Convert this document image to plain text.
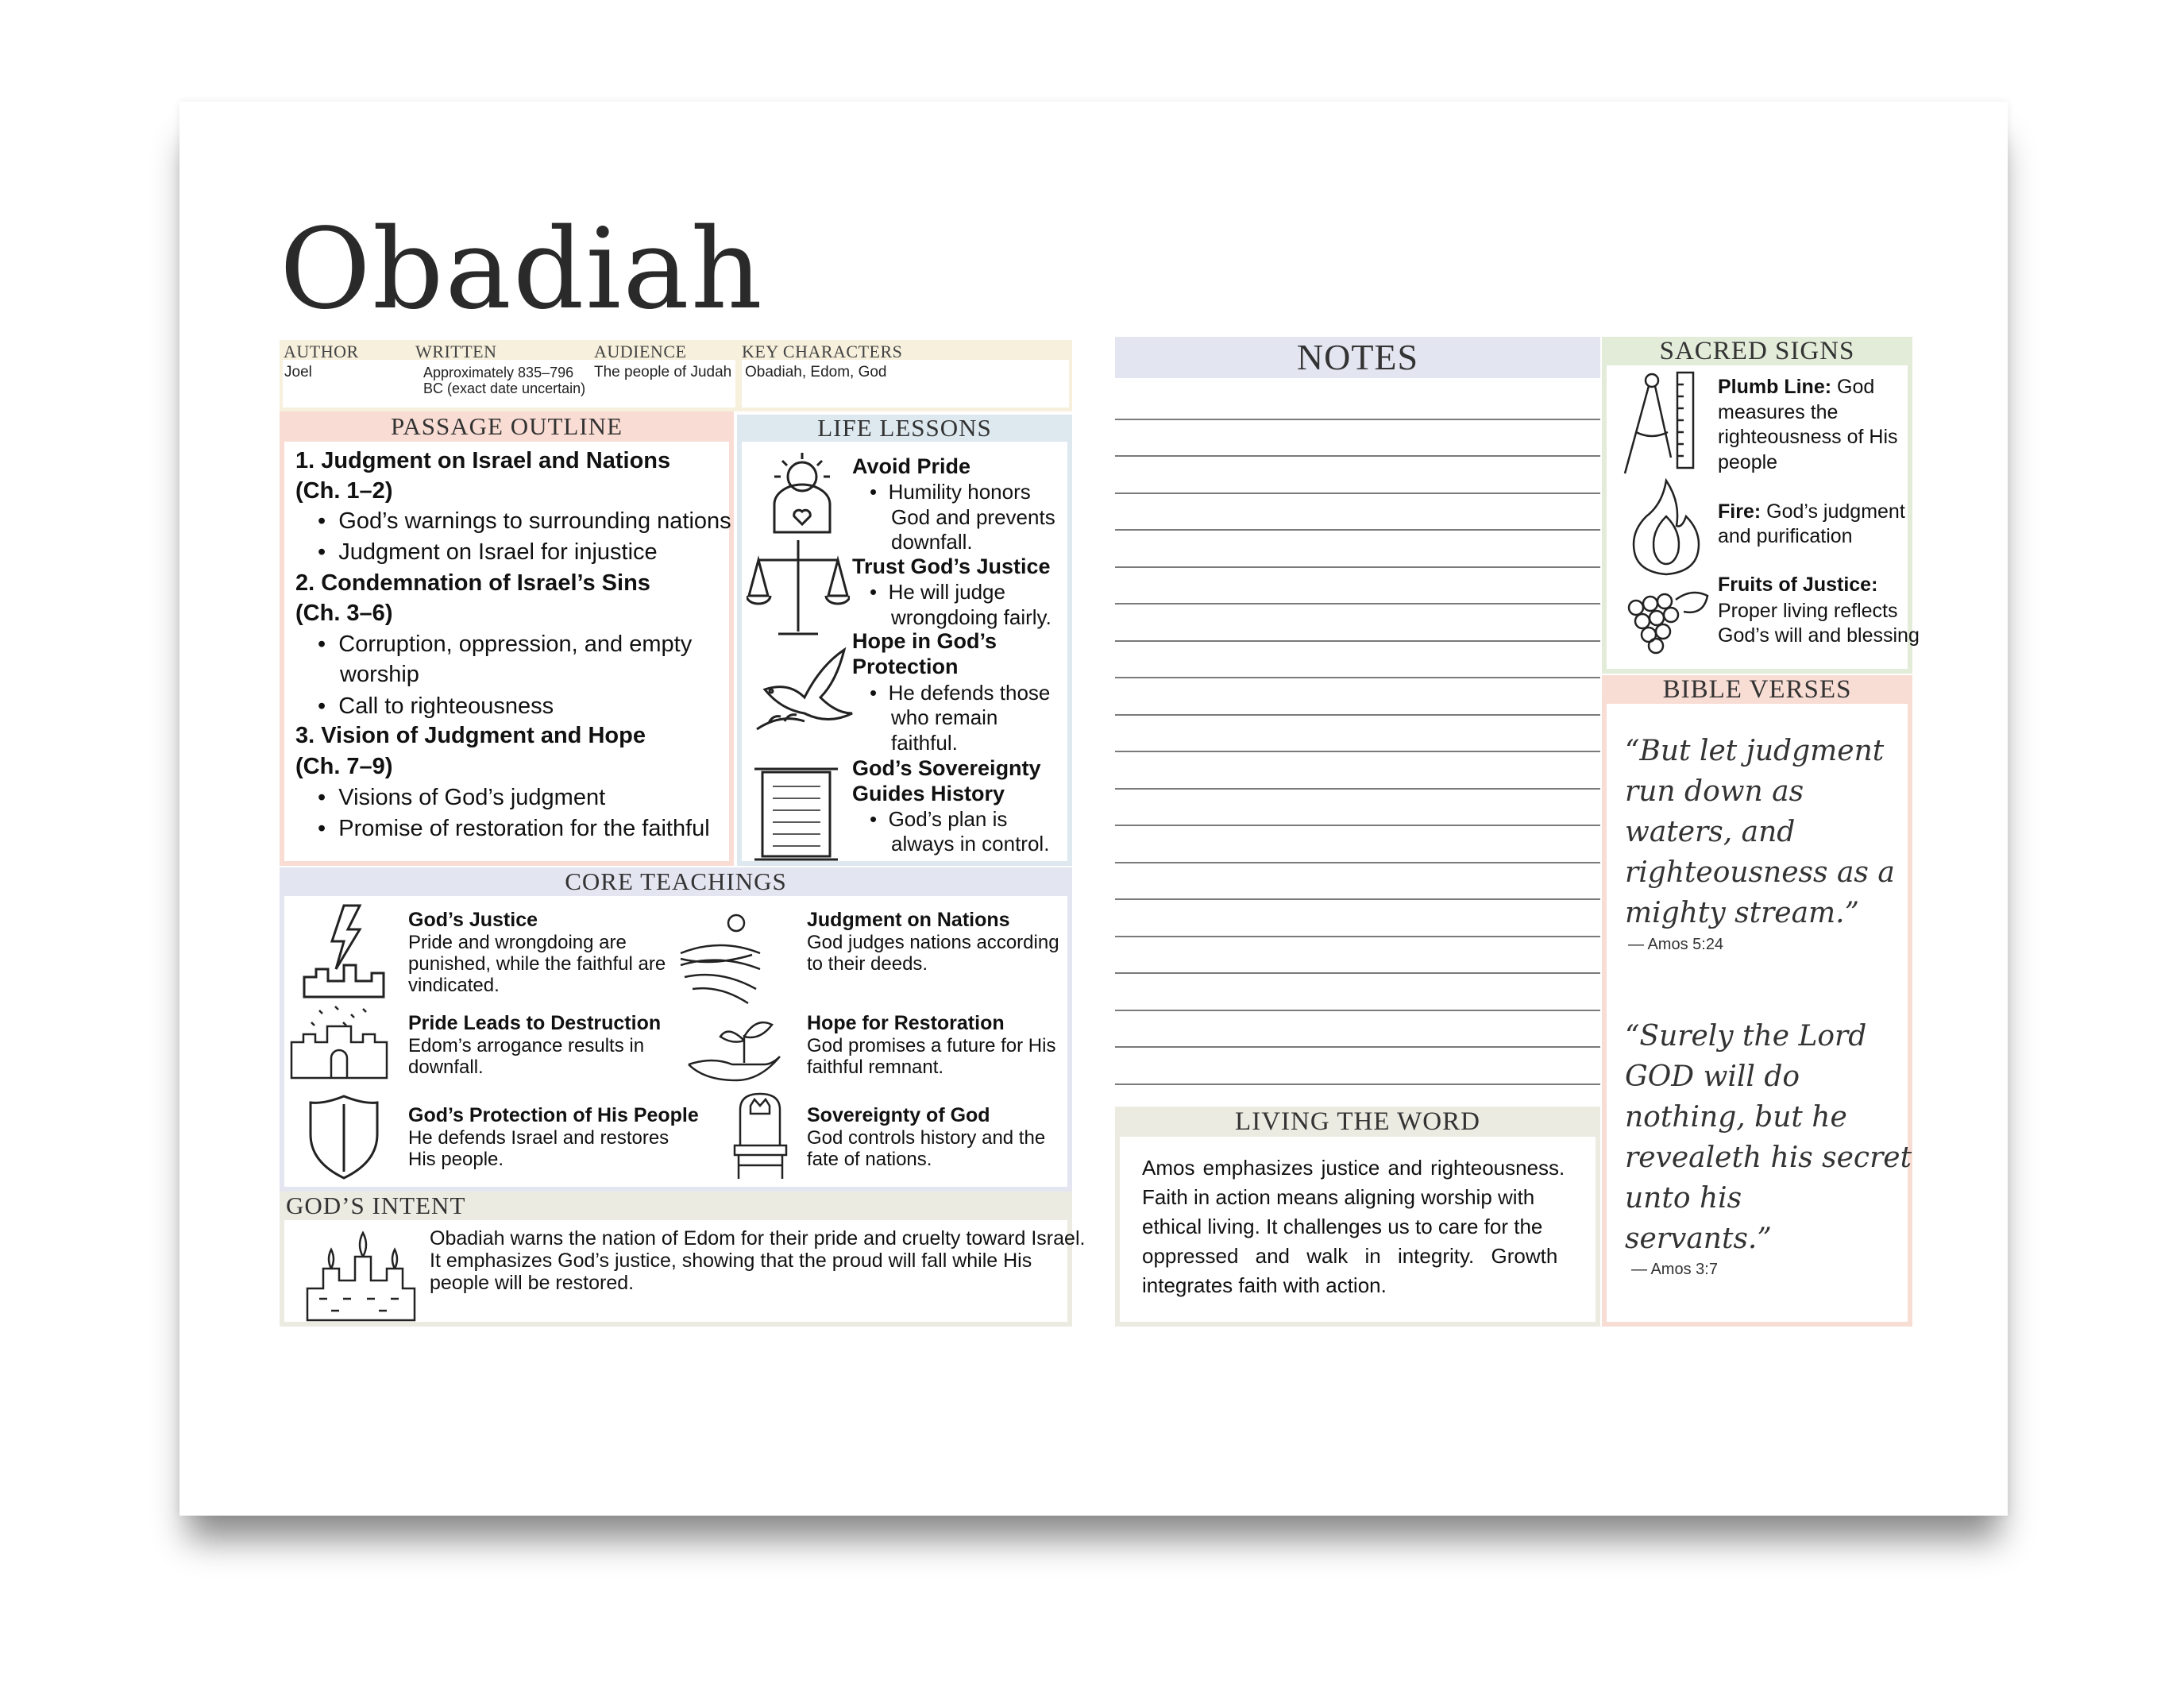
Obadiah
AUTHOR
Joel
WRITTEN
Approximately 835–796
BC (exact date uncertain)
AUDIENCE
The people of Judah
KEY CHARACTERS
Obadiah, Edom, God
PASSAGE OUTLINE
1. Judgment on Israel and Nations
(Ch. 1–2)
•  God’s warnings to surrounding nations
•  Judgment on Israel for injustice
2. Condemnation of Israel’s Sins
(Ch. 3–6)
•  Corruption, oppression, and empty
worship
•  Call to righteousness
3. Vision of Judgment and Hope
(Ch. 7–9)
•  Visions of God’s judgment
•  Promise of restoration for the faithful
LIFE LESSONS
Avoid Pride
•  Humility honors
God and prevents
downfall.
Trust God’s Justice
•  He will judge
wrongdoing fairly.
Hope in God’s
Protection
•  He defends those
who remain
faithful.
God’s Sovereignty
Guides History
•  God’s plan is
always in control.
CORE TEACHINGS
God’s Justice
Pride and wrongdoing are
punished, while the faithful are
vindicated.
Judgment on Nations
God judges nations according
to their deeds.
Pride Leads to Destruction
Edom’s arrogance results in
downfall.
Hope for Restoration
God promises a future for His
faithful remnant.
God’s Protection of His People
He defends Israel and restores
His people.
Sovereignty of God
God controls history and the
fate of nations.
GOD’S INTENT
Obadiah warns the nation of Edom for their pride and cruelty toward Israel.
It emphasizes God’s justice, showing that the proud will fall while His
people will be restored.
NOTES
LIVING THE WORD
Amos emphasizes justice and righteousness.
Faith in action means aligning worship with
ethical living. It challenges us to care for the
oppressed and walk in integrity. Growth
integrates faith with action.
SACRED SIGNS
Plumb Line: God
measures the
righteousness of His
people
Fire: God’s judgment
and purification
Fruits of Justice:
Proper living reflects
God’s will and blessing
BIBLE VERSES
“But let judgment
run down as
waters, and
righteousness as a
mighty stream.”
— Amos 5:24
“Surely the Lord
GOD will do
nothing, but he
revealeth his secret
unto his
servants.”
— Amos 3:7
